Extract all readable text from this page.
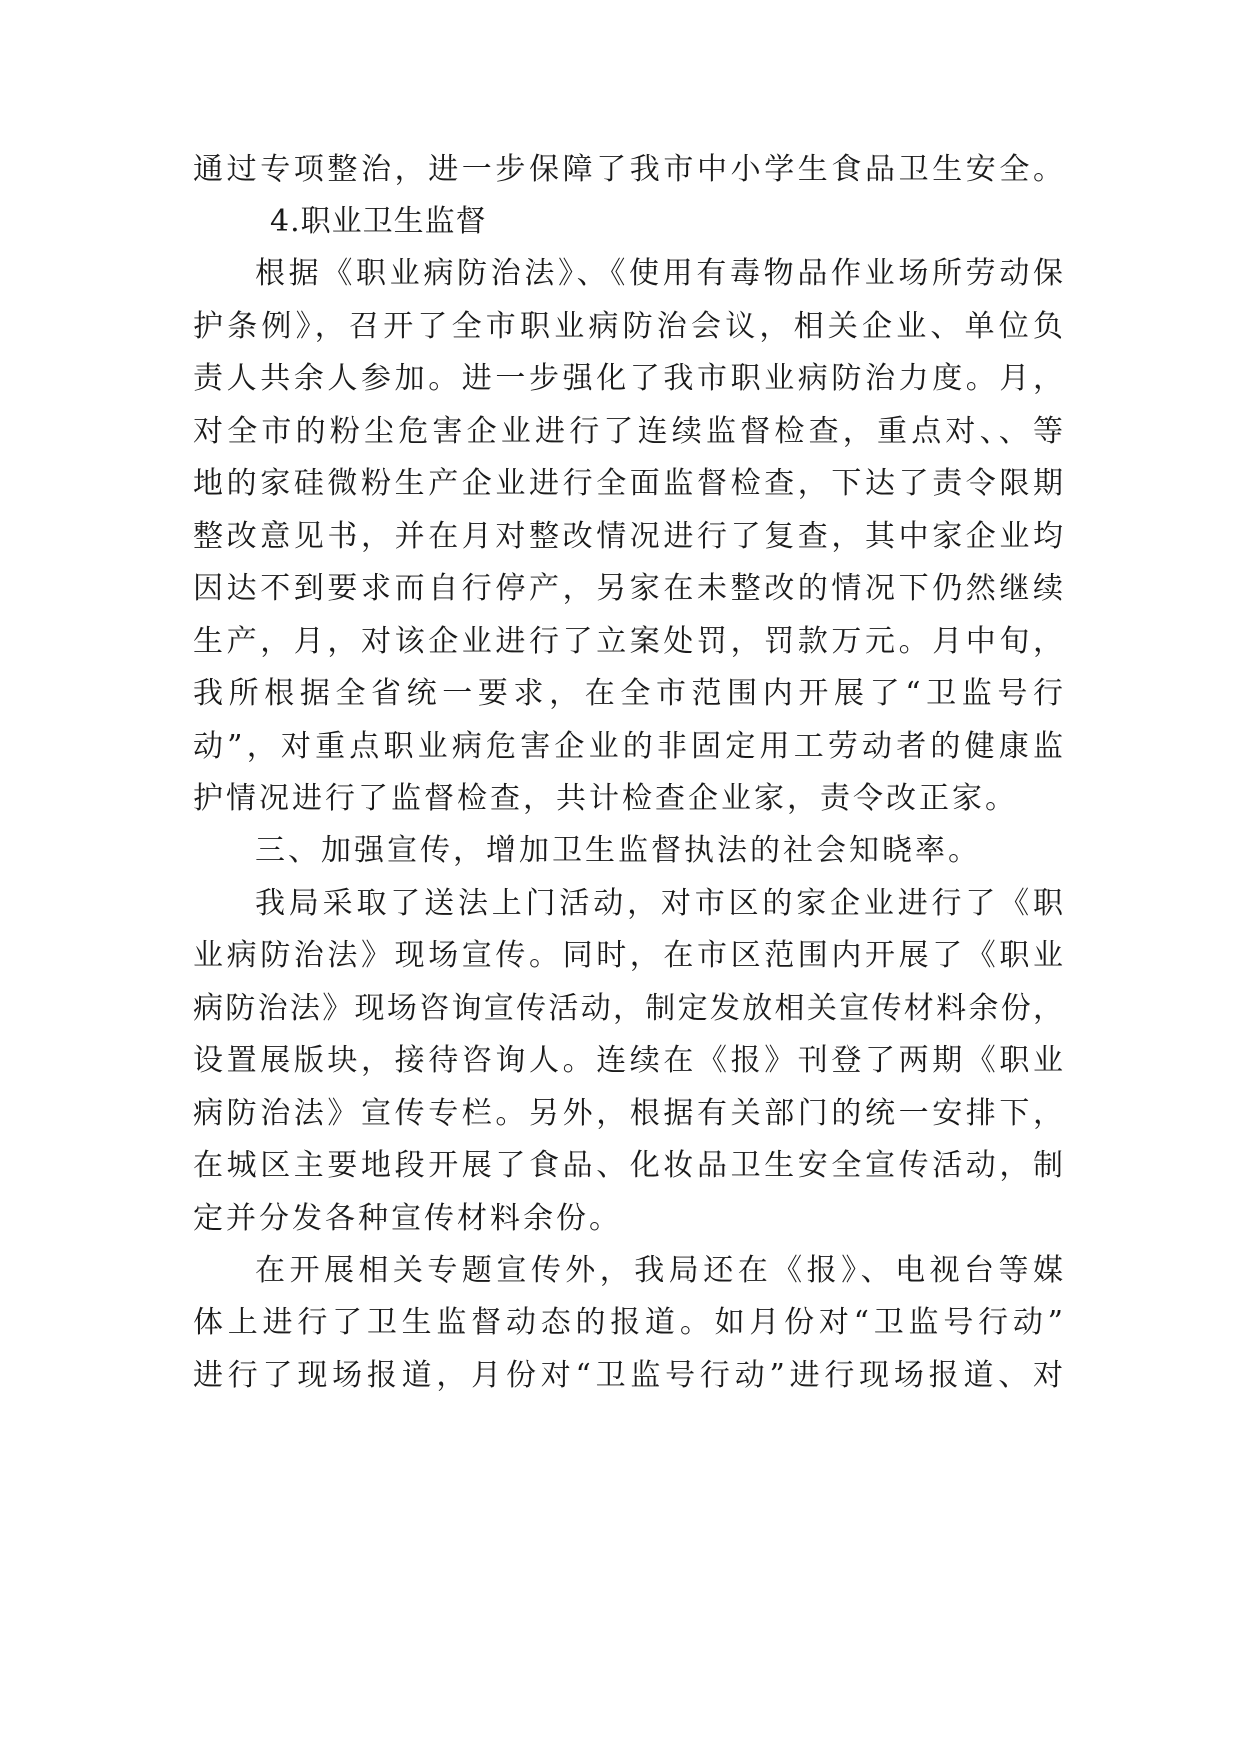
通过专项整治，进一步保障了我市中小学生食品卫生安全。
4.职业卫生监督
根据《职业病防治法》、《使用有毒物品作业场所劳动保
护条例》，召开了全市职业病防治会议，相关企业、单位负
责人共余人参加。进一步强化了我市职业病防治力度。月，
对全市的粉尘危害企业进行了连续监督检查，重点对、、等
地的家硅微粉生产企业进行全面监督检查，下达了责令限期
整改意见书，并在月对整改情况进行了复查，其中家企业均
因达不到要求而自行停产，另家在未整改的情况下仍然继续
生产，月，对该企业进行了立案处罚，罚款万元。月中旬，
我所根据全省统一要求，在全市范围内开展了“卫监号行
动”，对重点职业病危害企业的非固定用工劳动者的健康监
护情况进行了监督检查，共计检查企业家，责令改正家。
三、加强宣传，增加卫生监督执法的社会知晓率。
我局采取了送法上门活动，对市区的家企业进行了《职
业病防治法》现场宣传。同时，在市区范围内开展了《职业
病防治法》现场咨询宣传活动，制定发放相关宣传材料余份，
设置展版块，接待咨询人。连续在《报》刊登了两期《职业
病防治法》宣传专栏。另外，根据有关部门的统一安排下，
在城区主要地段开展了食品、化妆品卫生安全宣传活动，制
定并分发各种宣传材料余份。
在开展相关专题宣传外，我局还在《报》、电视台等媒
体上进行了卫生监督动态的报道。如月份对“卫监号行动”
进行了现场报道，月份对“卫监号行动”进行现场报道、对
